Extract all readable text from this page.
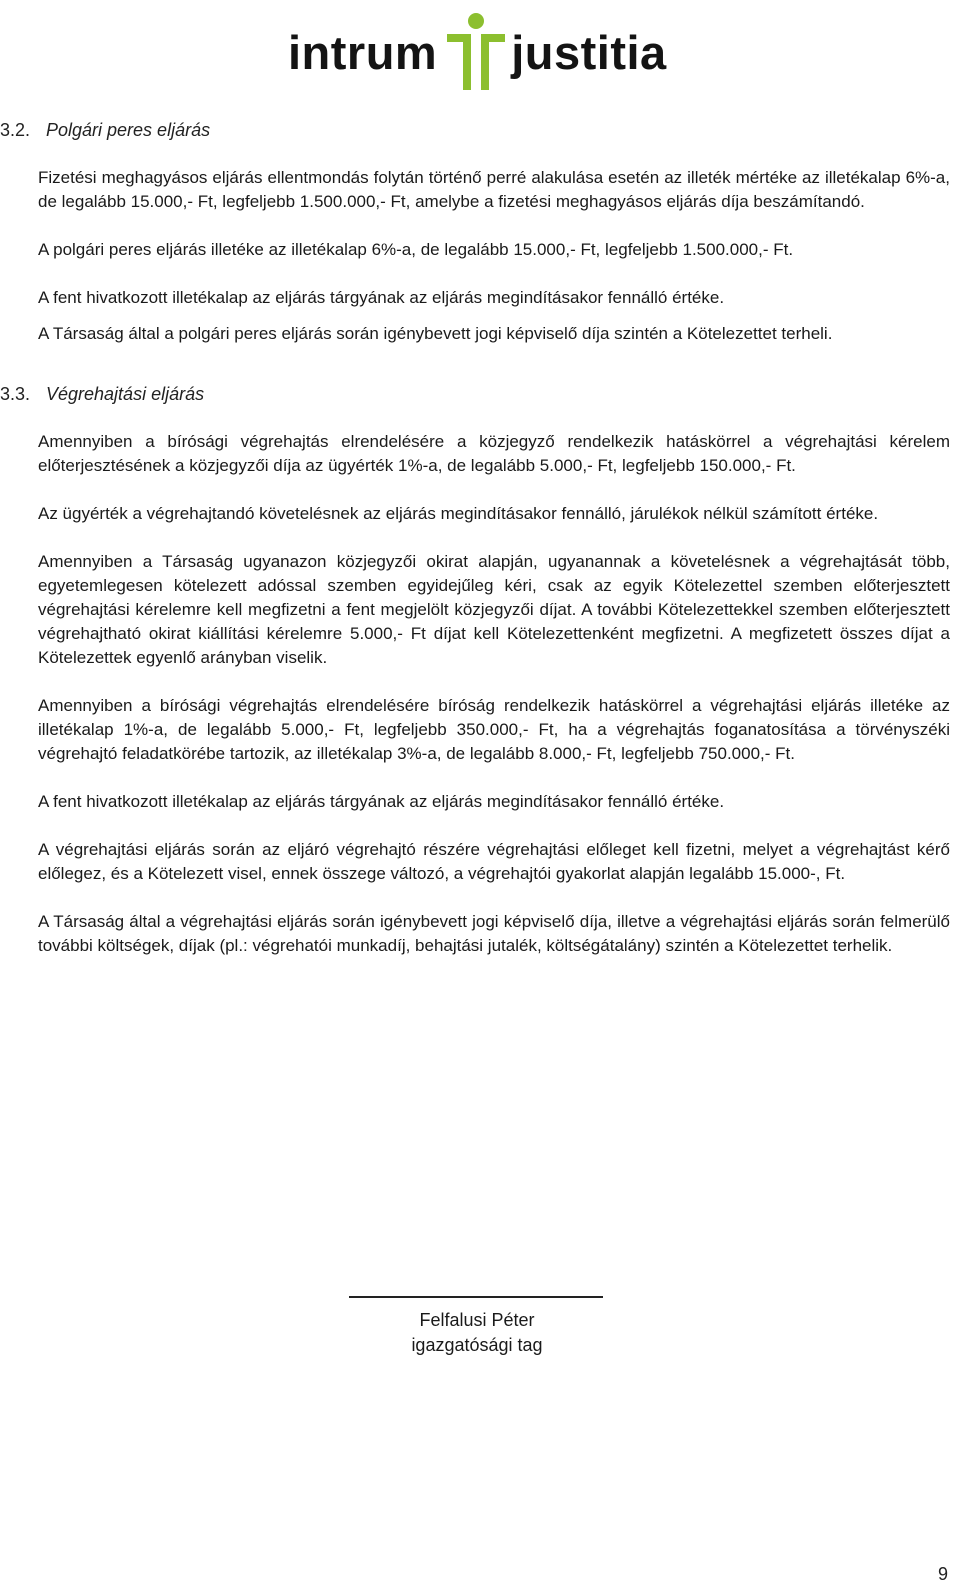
intrum justitia
3.2. Polgári peres eljárás

Fizetési meghagyásos eljárás ellentmondás folytán történő perré alakulása esetén az illeték mértéke az illetékalap 6%-a, de legalább 15.000,- Ft, legfeljebb 1.500.000,- Ft, amelybe a fizetési meghagyásos eljárás díja beszámítandó.

A polgári peres eljárás illetéke az illetékalap 6%-a, de legalább 15.000,- Ft, legfeljebb 1.500.000,- Ft.

A fent hivatkozott illetékalap az eljárás tárgyának az eljárás megindításakor fennálló értéke.

A Társaság által a polgári peres eljárás során igénybevett jogi képviselő díja szintén a Kötelezettet terheli.

3.3. Végrehajtási eljárás

Amennyiben a bírósági végrehajtás elrendelésére a közjegyző rendelkezik hatáskörrel a végrehajtási kérelem előterjesztésének a közjegyzői díja az ügyérték 1%-a, de legalább 5.000,- Ft, legfeljebb 150.000,- Ft.

Az ügyérték a végrehajtandó követelésnek az eljárás megindításakor fennálló, járulékok nélkül számított értéke.

Amennyiben a Társaság ugyanazon közjegyzői okirat alapján, ugyanannak a követelésnek a végrehajtását több, egyetemlegesen kötelezett adóssal szemben egyidejűleg kéri, csak az egyik Kötelezettel szemben előterjesztett végrehajtási kérelemre kell megfizetni a fent megjelölt közjegyzői díjat. A további Kötelezettekkel szemben előterjesztett végrehajtható okirat kiállítási kérelemre 5.000,- Ft díjat kell Kötelezettenként megfizetni. A megfizetett összes díjat a Kötelezettek egyenlő arányban viselik.

Amennyiben a bírósági végrehajtás elrendelésére bíróság rendelkezik hatáskörrel a végrehajtási eljárás illetéke az illetékalap 1%-a, de legalább 5.000,- Ft, legfeljebb 350.000,- Ft, ha a végrehajtás foganatosítása a törvényszéki végrehajtó feladatkörébe tartozik, az illetékalap 3%-a, de legalább 8.000,- Ft, legfeljebb 750.000,- Ft.

A fent hivatkozott illetékalap az eljárás tárgyának az eljárás megindításakor fennálló értéke.

A végrehajtási eljárás során az eljáró végrehajtó részére végrehajtási előleget kell fizetni, melyet a végrehajtást kérő előlegez, és a Kötelezett visel, ennek összege változó, a végrehajtói gyakorlat alapján legalább 15.000-, Ft.

A Társaság által a végrehajtási eljárás során igénybevett jogi képviselő díja, illetve a végrehajtási eljárás során felmerülő további költségek, díjak (pl.: végrehatói munkadíj, behajtási jutalék, költségátalány) szintén a Kötelezettet terhelik.

Felfalusi Péter
igazgatósági tag
9
